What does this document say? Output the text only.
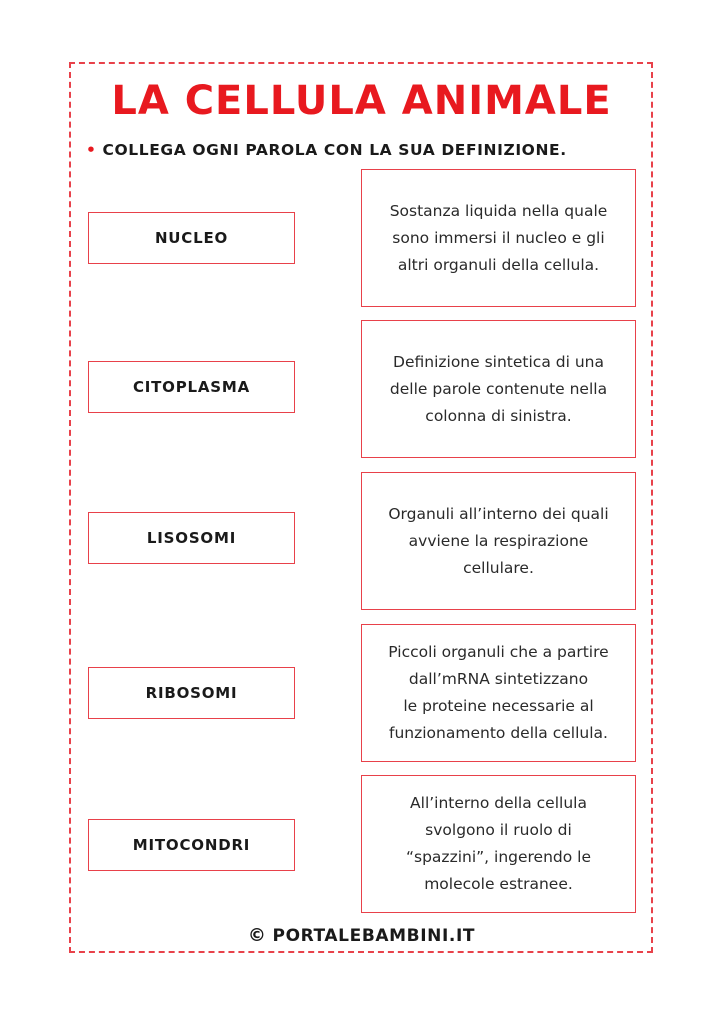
LA CELLULA ANIMALE
• COLLEGA OGNI PAROLA CON LA SUA DEFINIZIONE.
NUCLEO
CITOPLASMA
LISOSOMI
RIBOSOMI
MITOCONDRI
Sostanza liquida nella quale
sono immersi il nucleo e gli
altri organuli della cellula.
Definizione sintetica di una
delle parole contenute nella
colonna di sinistra.
Organuli all’interno dei quali
avviene la respirazione
cellulare.
Piccoli organuli che a partire
dall’mRNA sintetizzano
le proteine necessarie al
funzionamento della cellula.
All’interno della cellula
svolgono il ruolo di
“spazzini”, ingerendo le
molecole estranee.
© PORTALEBAMBINI.IT
